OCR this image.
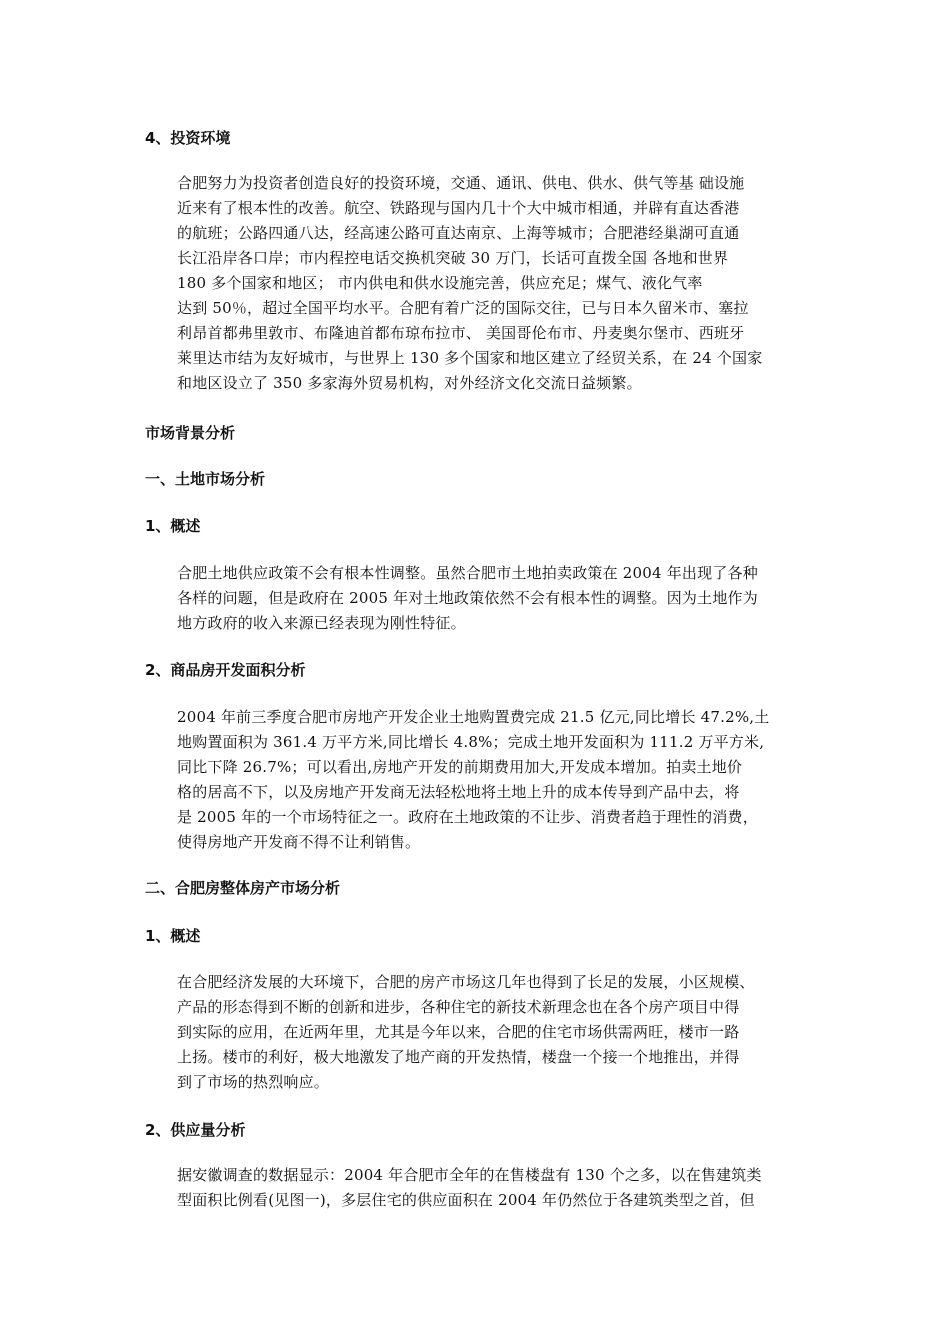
4、投资环境
合肥努力为投资者创造良好的投资环境，交通、通讯、供电、供水、供气等基 础设施
近来有了根本性的改善。航空、铁路现与国内几十个大中城市相通，并辟有直达香港
的航班；公路四通八达，经高速公路可直达南京、上海等城市；合肥港经巢湖可直通
长江沿岸各口岸；市内程控电话交换机突破 30 万门，长话可直拨全国 各地和世界
180 多个国家和地区； 市内供电和供水设施完善，供应充足；煤气、液化气率
达到 50％，超过全国平均水平。合肥有着广泛的国际交往，已与日本久留米市、塞拉
利昂首都弗里敦市、布隆迪首都布琼布拉市、 美国哥伦布市、丹麦奥尔堡市、西班牙
莱里达市结为友好城市，与世界上 130 多个国家和地区建立了经贸关系，在 24 个国家
和地区设立了 350 多家海外贸易机构，对外经济文化交流日益频繁。
市场背景分析
一、土地市场分析
1、概述
合肥土地供应政策不会有根本性调整。虽然合肥市土地拍卖政策在 2004 年出现了各种
各样的问题，但是政府在 2005 年对土地政策依然不会有根本性的调整。因为土地作为
地方政府的收入来源已经表现为刚性特征。
2、商品房开发面积分析
2004 年前三季度合肥市房地产开发企业土地购置费完成 21.5 亿元,同比增长 47.2%,土
地购置面积为 361.4 万平方米,同比增长 4.8%；完成土地开发面积为 111.2 万平方米,
同比下降 26.7%；可以看出,房地产开发的前期费用加大,开发成本增加。拍卖土地价
格的居高不下，以及房地产开发商无法轻松地将土地上升的成本传导到产品中去，将
是 2005 年的一个市场特征之一。政府在土地政策的不让步、消费者趋于理性的消费，
使得房地产开发商不得不让利销售。
二、合肥房整体房产市场分析
1、概述
在合肥经济发展的大环境下，合肥的房产市场这几年也得到了长足的发展，小区规模、
产品的形态得到不断的创新和进步，各种住宅的新技术新理念也在各个房产项目中得
到实际的应用，在近两年里，尤其是今年以来，合肥的住宅市场供需两旺，楼市一路
上扬。楼市的利好，极大地激发了地产商的开发热情，楼盘一个接一个地推出，并得
到了市场的热烈响应。
2、供应量分析
据安徽调查的数据显示：2004 年合肥市全年的在售楼盘有 130 个之多，以在售建筑类
型面积比例看(见图一)，多层住宅的供应面积在 2004 年仍然位于各建筑类型之首，但
